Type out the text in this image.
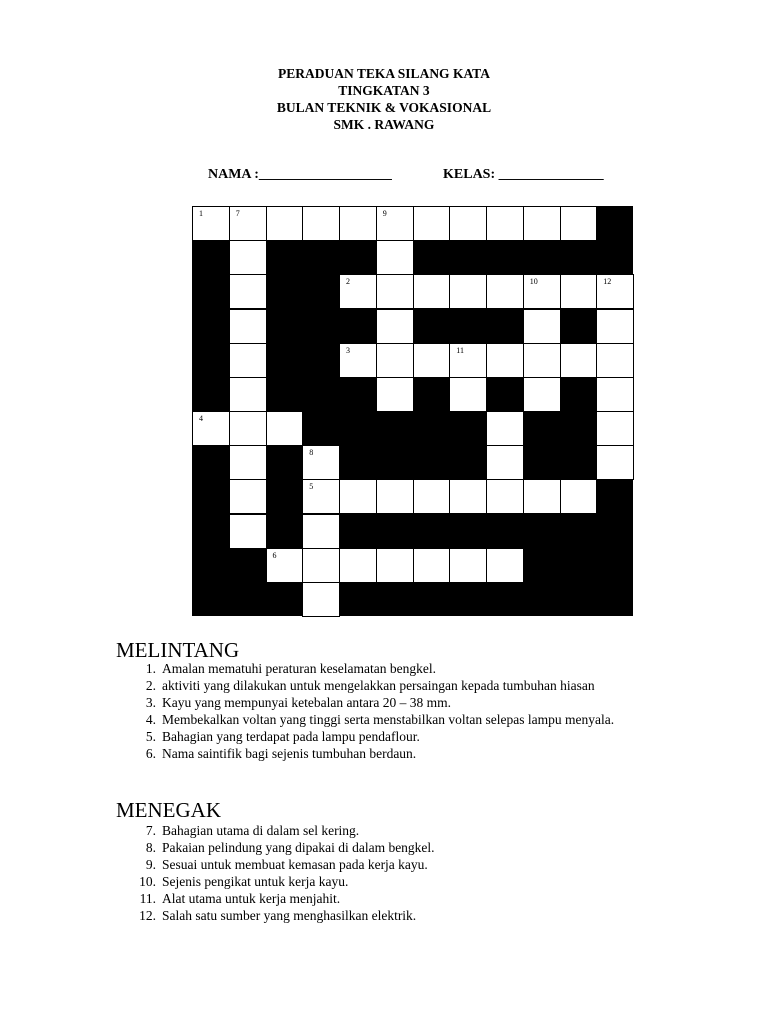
PERADUAN TEKA SILANG KATA
TINGKATAN 3
BULAN TEKNIK & VOKASIONAL
SMK . RAWANG
NAMA :___________________	KELAS: _______________
1	7	9
2	10	12
3	11
4
8
5
6
MELINTANG
1. Amalan mematuhi peraturan keselamatan bengkel.
2. aktiviti yang dilakukan untuk mengelakkan persaingan kepada tumbuhan hiasan
3. Kayu yang mempunyai ketebalan antara 20 – 38 mm.
4. Membekalkan voltan yang tinggi serta menstabilkan voltan selepas lampu menyala.
5. Bahagian yang terdapat pada lampu pendaflour.
6. Nama saintifik bagi sejenis tumbuhan berdaun.
MENEGAK
7. Bahagian utama di dalam sel kering.
8. Pakaian pelindung yang dipakai di dalam bengkel.
9. Sesuai untuk membuat kemasan pada kerja kayu.
10. Sejenis pengikat untuk kerja kayu.
11. Alat utama untuk kerja menjahit.
12. Salah satu sumber yang menghasilkan elektrik.
